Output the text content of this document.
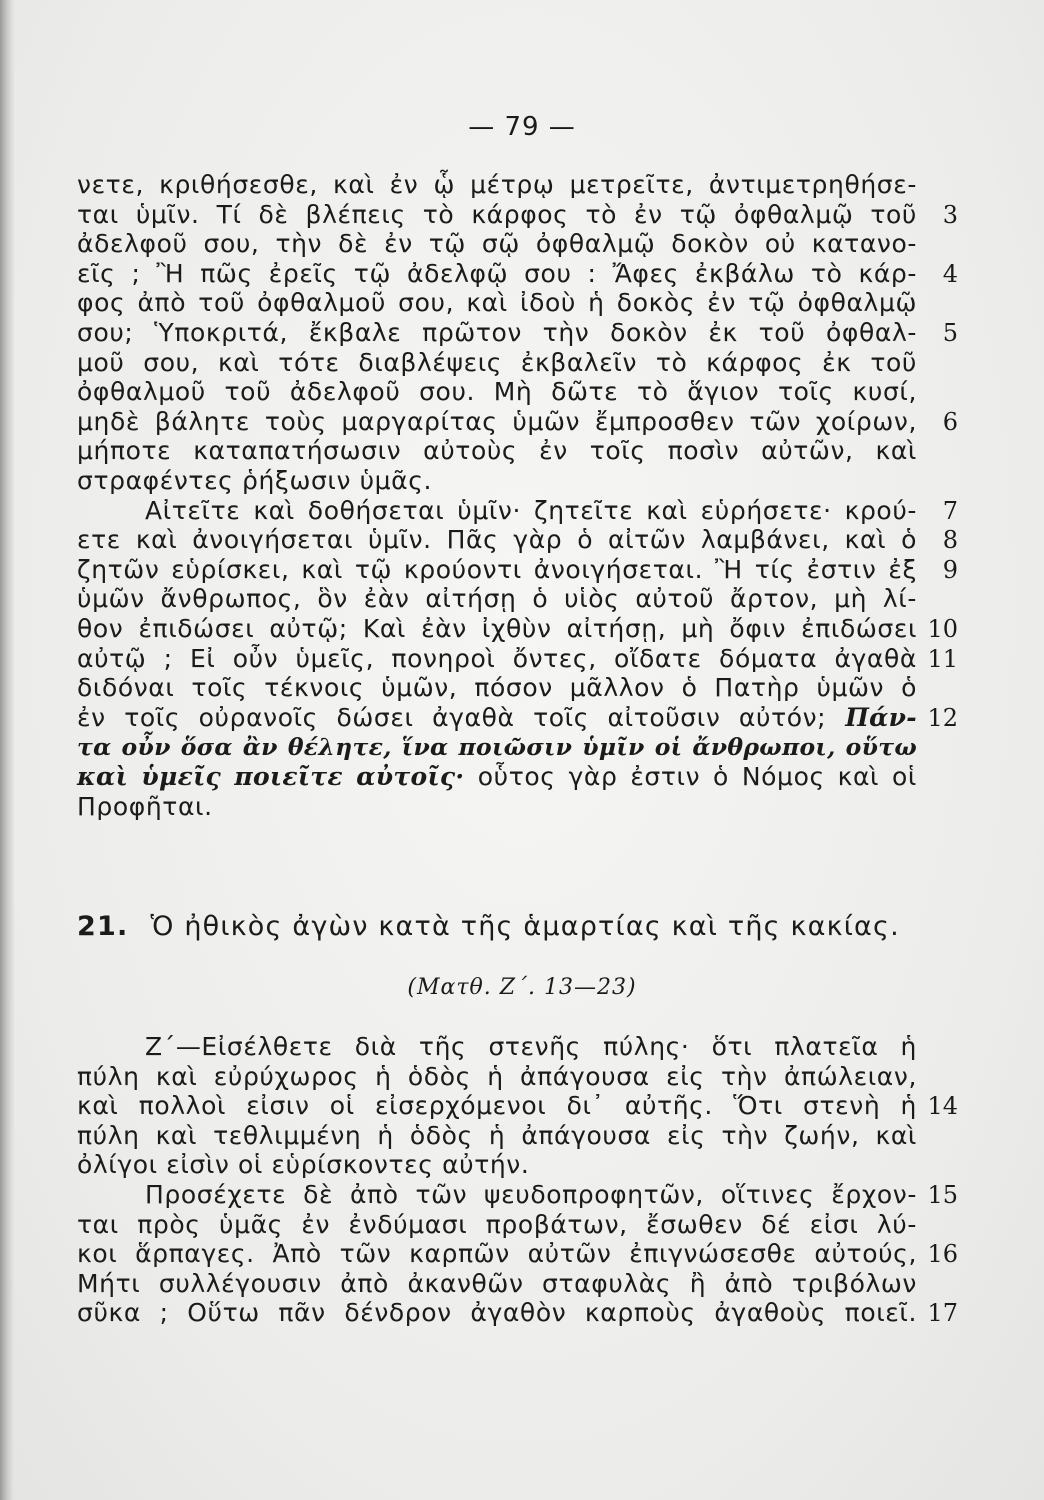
— 79 —
νετε, κριθήσεσθε, καὶ ἐν ᾧ μέτρῳ μετρεῖτε, ἀντιμετρηθήσε-
ται ὑμῖν. Τί δὲ βλέπεις τὸ κάρφος τὸ ἐν τῷ ὀφθαλμῷ τοῦ	3
ἀδελφοῦ σου, τὴν δὲ ἐν τῷ σῷ ὀφθαλμῷ δοκὸν οὐ κατανο-
εῖς ; Ἢ πῶς ἐρεῖς τῷ ἀδελφῷ σου : Ἄφες ἐκβάλω τὸ κάρ-	4
φος ἀπὸ τοῦ ὀφθαλμοῦ σου, καὶ ἰδοὺ ἡ δοκὸς ἐν τῷ ὀφθαλμῷ
σου; Ὑποκριτά, ἔκβαλε πρῶτον τὴν δοκὸν ἐκ τοῦ ὀφθαλ-	5
μοῦ σου, καὶ τότε διαβλέψεις ἐκβαλεῖν τὸ κάρφος ἐκ τοῦ
ὀφθαλμοῦ τοῦ ἀδελφοῦ σου. Μὴ δῶτε τὸ ἅγιον τοῖς κυσί,
μηδὲ βάλητε τοὺς μαργαρίτας ὑμῶν ἔμπροσθεν τῶν χοίρων,	6
μήποτε καταπατήσωσιν αὐτοὺς ἐν τοῖς ποσὶν αὐτῶν, καὶ
στραφέντες ῥήξωσιν ὑμᾶς.
Αἰτεῖτε καὶ δοθήσεται ὑμῖν· ζητεῖτε καὶ εὑρήσετε· κρού-	7
ετε καὶ ἀνοιγήσεται ὑμῖν. Πᾶς γὰρ ὁ αἰτῶν λαμβάνει, καὶ ὁ	8
ζητῶν εὑρίσκει, καὶ τῷ κρούοντι ἀνοιγήσεται. Ἢ τίς ἐστιν ἐξ	9
ὑμῶν ἄνθρωπος, ὃν ἐὰν αἰτήσῃ ὁ υἱὸς αὐτοῦ ἄρτον, μὴ λί-
θον ἐπιδώσει αὐτῷ; Καὶ ἐὰν ἰχθὺν αἰτήσῃ, μὴ ὄφιν ἐπιδώσει 10
αὐτῷ ; Εἰ οὖν ὑμεῖς, πονηροὶ ὄντες, οἴδατε δόματα ἀγαθὰ 11
διδόναι τοῖς τέκνοις ὑμῶν, πόσον μᾶλλον ὁ Πατὴρ ὑμῶν ὁ
ἐν τοῖς οὐρανοῖς δώσει ἀγαθὰ τοῖς αἰτοῦσιν αὐτόν; Πάν- 12
τα οὖν ὅσα ἂν θέλητε, ἵνα ποιῶσιν ὑμῖν οἱ ἄνθρωποι, οὕτω
καὶ ὑμεῖς ποιεῖτε αὐτοῖς· οὗτος γὰρ ἐστιν ὁ Νόμος καὶ οἱ
Προφῆται.
21. Ὁ ἠθικὸς ἀγὼν κατὰ τῆς ἁμαρτίας καὶ τῆς κακίας.
(Ματθ. Ζ΄. 13—23)
Ζ΄—Εἰσέλθετε διὰ τῆς στενῆς πύλης· ὅτι πλατεῖα ἡ
πύλη καὶ εὐρύχωρος ἡ ὁδὸς ἡ ἀπάγουσα εἰς τὴν ἀπώλειαν,
καὶ πολλοὶ εἰσιν οἱ εἰσερχόμενοι δι᾿ αὐτῆς. Ὅτι στενὴ ἡ 14
πύλη καὶ τεθλιμμένη ἡ ὁδὸς ἡ ἀπάγουσα εἰς τὴν ζωήν, καὶ
ὀλίγοι εἰσὶν οἱ εὑρίσκοντες αὐτήν.
Προσέχετε δὲ ἀπὸ τῶν ψευδοπροφητῶν, οἵτινες ἔρχον- 15
ται πρὸς ὑμᾶς ἐν ἐνδύμασι προβάτων, ἔσωθεν δέ εἰσι λύ-
κοι ἅρπαγες. Ἀπὸ τῶν καρπῶν αὐτῶν ἐπιγνώσεσθε αὐτούς, 16
Μήτι συλλέγουσιν ἀπὸ ἀκανθῶν σταφυλὰς ἢ ἀπὸ τριβόλων
σῦκα ; Οὕτω πᾶν δένδρον ἀγαθὸν καρποὺς ἀγαθοὺς ποιεῖ. 17
